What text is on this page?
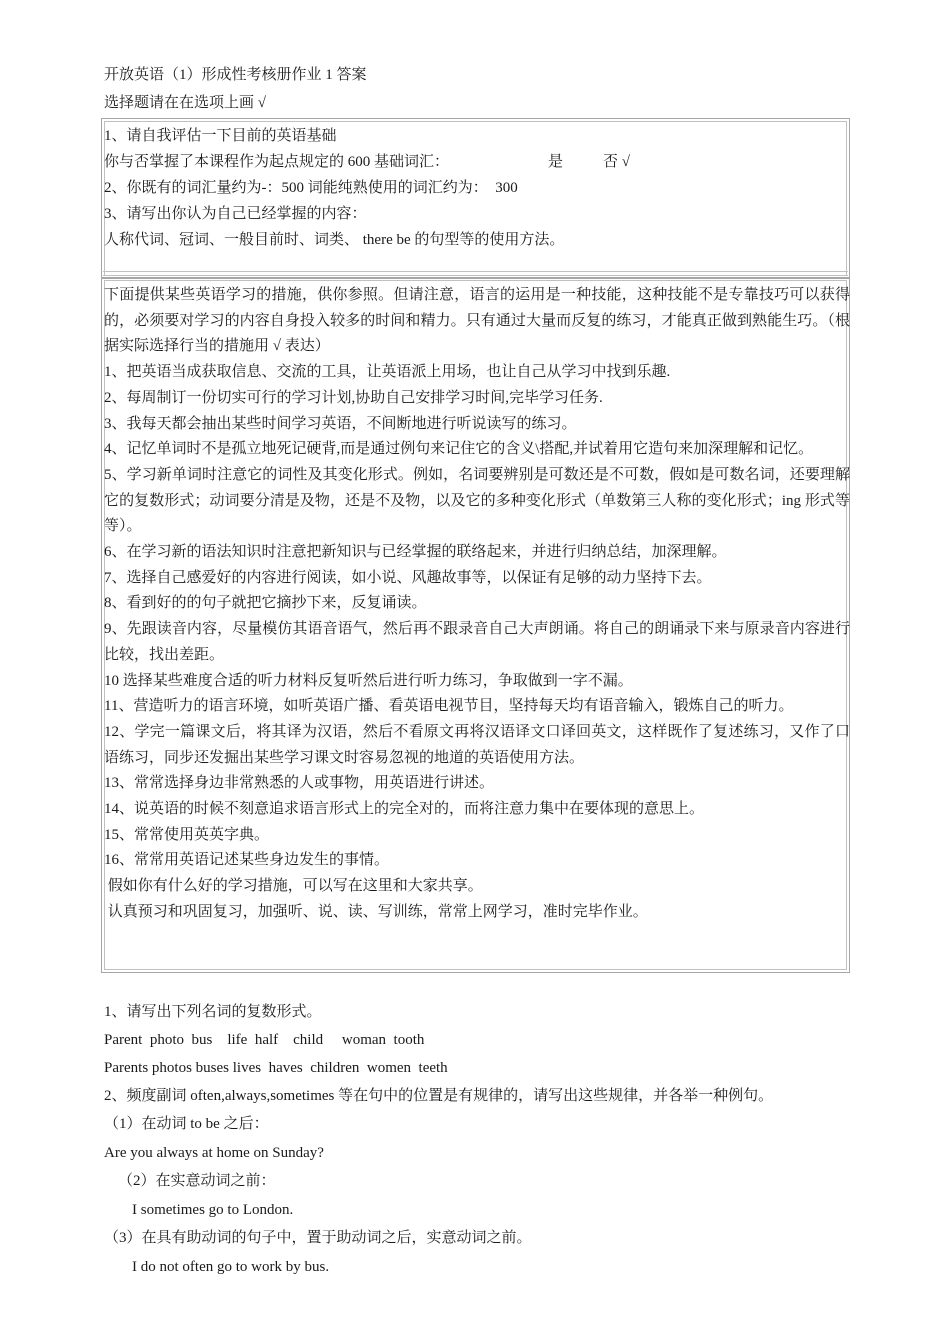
开放英语（1）形成性考核册作业 1 答案
选择题请在在选项上画 √
1、请自我评估一下目前的英语基础
你与否掌握了本课程作为起点规定的 600 基础词汇：	是	否 √
2、你既有的词汇量约为-：500 词能纯熟使用的词汇约为：  300
3、请写出你认为自己已经掌握的内容：
人称代词、冠词、一般目前时、词类、 there be 的句型等的使用方法。

下面提供某些英语学习的措施，供你参照。但请注意，语言的运用是一种技能，这种技能不是专靠技巧可以获得的，必须要对学习的内容自身投入较多的时间和精力。只有通过大量而反复的练习，才能真正做到熟能生巧。（根据实际选择行当的措施用 √ 表达）

1、把英语当成获取信息、交流的工具，让英语派上用场，也让自己从学习中找到乐趣.

2、每周制订一份切实可行的学习计划,协助自己安排学习时间,完毕学习任务.

3、我每天都会抽出某些时间学习英语，不间断地进行听说读写的练习。

4、记忆单词时不是孤立地死记硬背,而是通过例句来记住它的含义\搭配,并试着用它造句来加深理解和记忆。

5、学习新单词时注意它的词性及其变化形式。例如，名词要辨别是可数还是不可数，假如是可数名词，还要理解它的复数形式；动词要分清是及物，还是不及物，以及它的多种变化形式（单数第三人称的变化形式；ing 形式等等）。

6、在学习新的语法知识时注意把新知识与已经掌握的联络起来，并进行归纳总结，加深理解。

7、选择自己感爱好的内容进行阅读，如小说、风趣故事等，以保证有足够的动力坚持下去。

8、看到好的的句子就把它摘抄下来，反复诵读。

9、先跟读音内容，尽量模仿其语音语气，然后再不跟录音自己大声朗诵。将自己的朗诵录下来与原录音内容进行比较，找出差距。

10 选择某些难度合适的听力材料反复听然后进行听力练习，争取做到一字不漏。

11、营造听力的语言环境，如听英语广播、看英语电视节目，坚持每天均有语音输入，锻炼自己的听力。

12、学完一篇课文后，将其译为汉语，然后不看原文再将汉语译文口译回英文，这样既作了复述练习，又作了口语练习，同步还发掘出某些学习课文时容易忽视的地道的英语使用方法。

13、常常选择身边非常熟悉的人或事物，用英语进行讲述。

14、说英语的时候不刻意追求语言形式上的完全对的，而将注意力集中在要体现的意思上。

15、常常使用英英字典。

16、常常用英语记述某些身边发生的事情。

假如你有什么好的学习措施，可以写在这里和大家共享。

认真预习和巩固复习，加强听、说、读、写训练，常常上网学习，准时完毕作业。

1、请写出下列名词的复数形式。
Parent  photo  bus    life  half    child     woman  tooth
Parents photos buses lives  haves  children  women  teeth
2、频度副词 often,always,sometimes 等在句中的位置是有规律的，请写出这些规律，并各举一种例句。
（1）在动词 to be 之后：
Are you always at home on Sunday?
（2）在实意动词之前：
I sometimes go to London.
（3）在具有助动词的句子中，置于助动词之后，实意动词之前。
I do not often go to work by bus.
